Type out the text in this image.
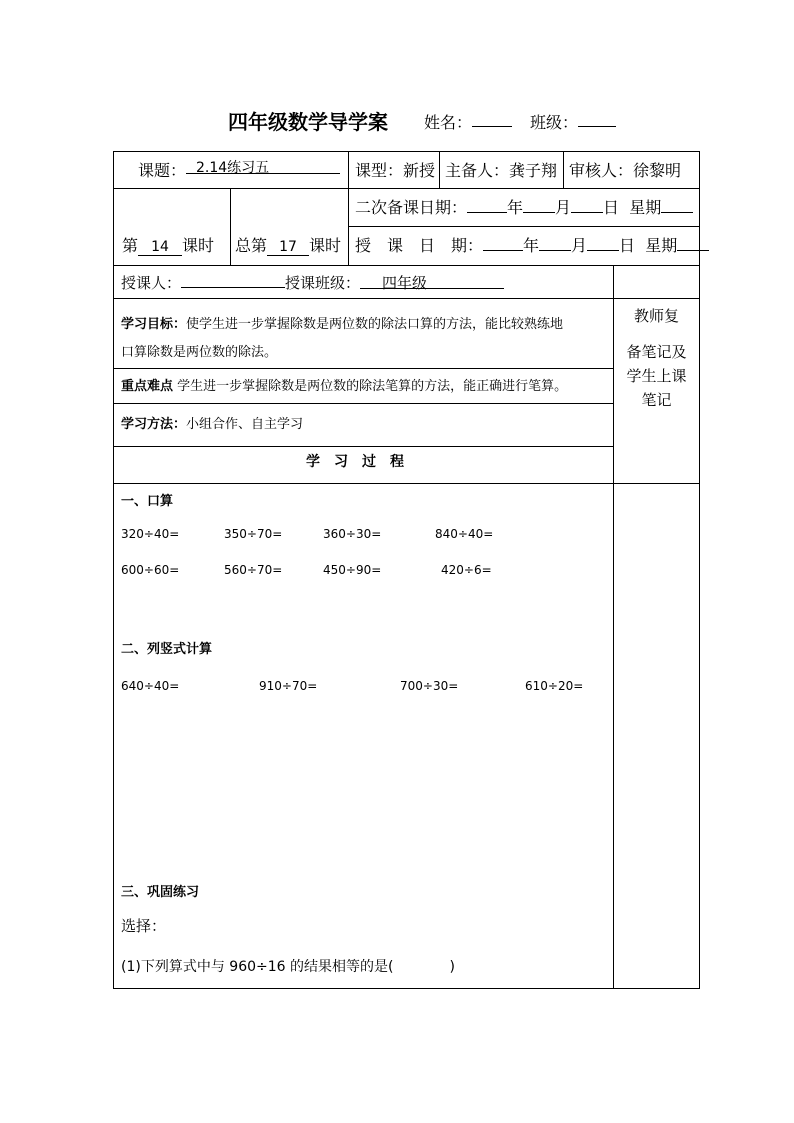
四年级数学导学案 姓名：	班级：
课题： 2.14练习五	课型：新授 主备人：龚子翔 审核人：徐黎明
第 14 课时 总第 17 课时
二次备课日期：	年 月 日 星期
授　课　日　期：	年 月 日 星期
授课人：	授课班级： 四年级
学习目标：使学生进一步掌握除数是两位数的除法口算的方法，能比较熟练地
口算除数是两位数的除法。
重点难点 学生进一步掌握除数是两位数的除法笔算的方法，能正确进行笔算。
学习方法：小组合作、自主学习
教师复
备笔记及
学生上课
笔记
学习过程
一、口算
320÷40=	350÷70=	360÷30=	840÷40=
600÷60=	560÷70=	450÷90=	420÷6=
二、列竖式计算
640÷40=	910÷70=	700÷30=	610÷20=
三、巩固练习
选择：
(1)下列算式中与 960÷16 的结果相等的是(　　　　)
